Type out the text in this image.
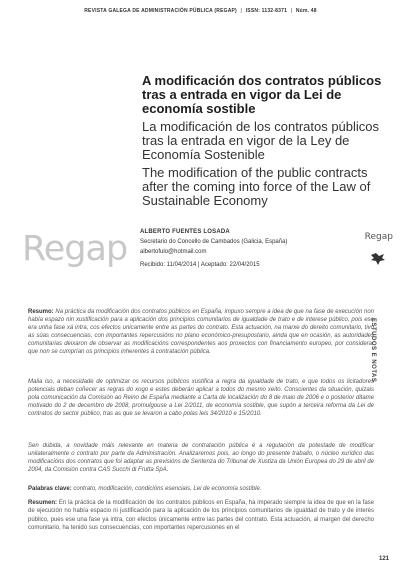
REVISTA GALEGA DE ADMINISTRACIÓN PÚBLICA (REGAP) | ISSN: 1132-8371 | Núm. 48
A modificación dos contratos públicos tras a entrada en vigor da Lei de economía sostible
La modificación de los contratos públicos tras la entrada en vigor de la Ley de Economía Sostenible
The modification of the public contracts after the coming into force of the Law of Sustainable Economy
Regap ALBERTO FUENTES LOSADA
Secretario do Concello de Cambados (Galicia, España)
albertofulo@hotmail.com
Recibido: 11/04/2014 | Aceptado: 22/04/2015
Regap
ESTUDOS E NOTAS
Resumo: Na práctica da modificación dos contratos públicos en España, impuxo sempre a idea de que na fase de execución non había espazo nin xustificación para a aplicación dos principios comunitarios de igualdade de trato e de interese público, pois ese era unha fase xá intra, cos efectos unicamente entre as partes do contrato. Esta actuación, na marxe do dereito comunitario, tivo as súas consecuencias, con importantes repercusións no plano económico-presupostario, ainda que en ocasión, as autoridades comunitarias deixaron de observar as modificacións correspondentes aos proxectos con financiamento europeo, por considerar que non se cumprían os principios inherentes á contratación pública.
Malia iso, a necesidade de optimizar os recursos públicos xustifica a regra da igualdade de trato, e que todos os licitadores potenciais deban coñecer as regras do xogo e estes deberán aplicar a todos do mesmo xeito. Conscientes da situación, quizais pola comunicación da Comisión ao Reino de España mediante a Carta de localización do 8 de maio de 2006 e o posterior ditame motivado do 2 de decembro de 2008, promulgouse a Lei 2/2011, de economía sostible, que supón a terceira reforma da Lei de contratos do sector público, tras as que se levaron a cabo polas leis 34/2010 e 15/2010.
Sen dúbida, a novidade máis relevante en materia de contratación pública é a regulación da potestade de modificar unilateralmente o contrato por parte da Administración. Analizaremos pois, ao longo do presente traballo, o núcleo xurídico das modificacións dos contratos que foi adaptar as previsións de Sentenza do Tribunal de Xustiza da Unión Europea do 29 de abril de 2004, da Comisión contra CAS Succhi di Frutta SpA.
Palabras clave: contrato, modificación, condicións esenciais, Lei de economía sostible.
Resumen: En la práctica de la modificación de los contratos públicos en España, ha imperado siempre la idea de que en la fase de ejecución no había espacio ni justificación para la aplicación de los principios comunitarios de igualdad de trato y de interés público, pues ese una fase ya intra, con efectos únicamente entre las partes del contrato. Esta actuación, al margen del derecho comunitario, ha tenido sus consecuencias, con importantes repercusiones en el
121
